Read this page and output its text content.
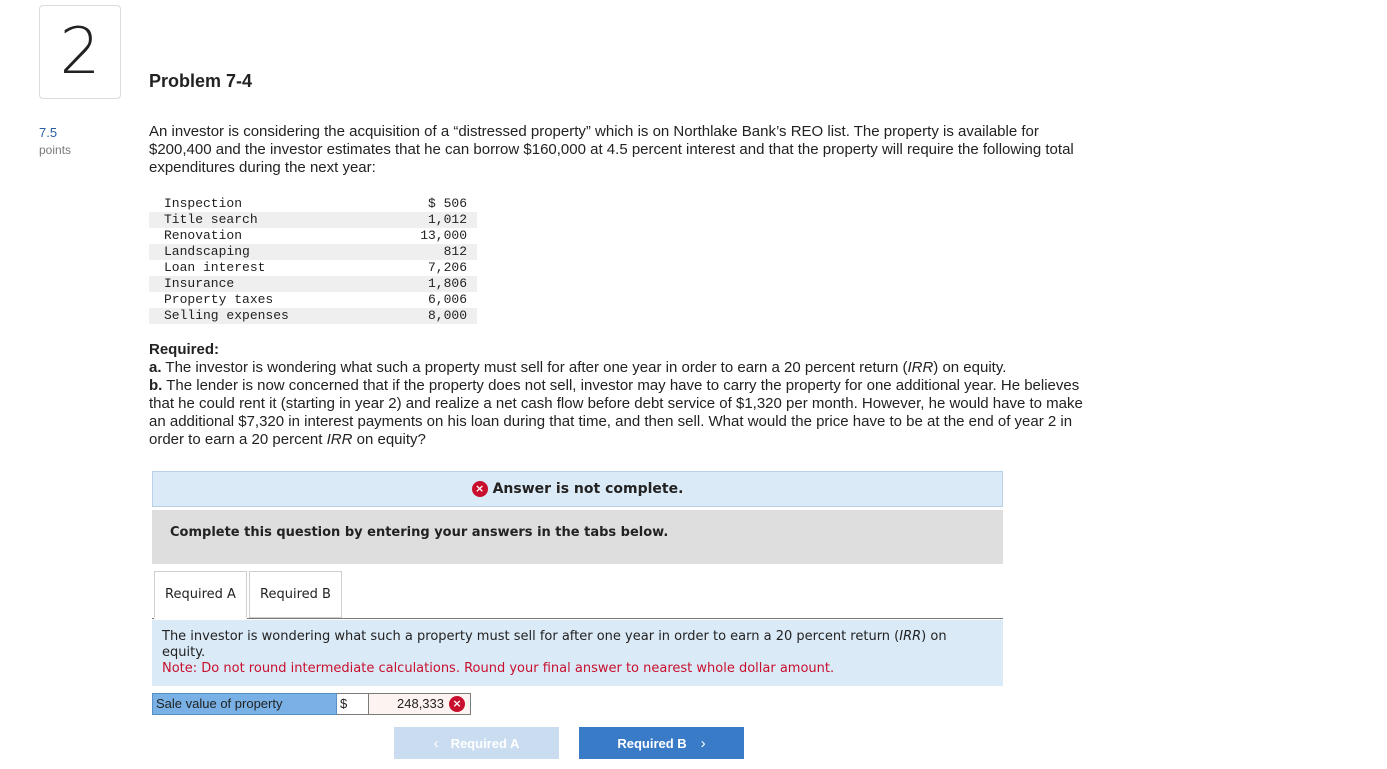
2
7.5
points
Problem 7-4
An investor is considering the acquisition of a “distressed property” which is on Northlake Bank’s REO list. The property is available for $200,400 and the investor estimates that he can borrow $160,000 at 4.5 percent interest and that the property will require the following total expenditures during the next year:
Inspection	$ 506
Title search	1,012
Renovation	13,000
Landscaping	812
Loan interest	7,206
Insurance	1,806
Property taxes	6,006
Selling expenses	8,000
Required:
a. The investor is wondering what such a property must sell for after one year in order to earn a 20 percent return (IRR) on equity.
b. The lender is now concerned that if the property does not sell, investor may have to carry the property for one additional year. He believes that he could rent it (starting in year 2) and realize a net cash flow before debt service of $1,320 per month. However, he would have to make an additional $7,320 in interest payments on his loan during that time, and then sell. What would the price have to be at the end of year 2 in order to earn a 20 percent IRR on equity?
× Answer is not complete.
Complete this question by entering your answers in the tabs below.
Required A	Required B
The investor is wondering what such a property must sell for after one year in order to earn a 20 percent return (IRR) on equity.
Note: Do not round intermediate calculations. Round your final answer to nearest whole dollar amount.
Sale value of property	$	248,333 ×
‹ Required A	Required B ›
